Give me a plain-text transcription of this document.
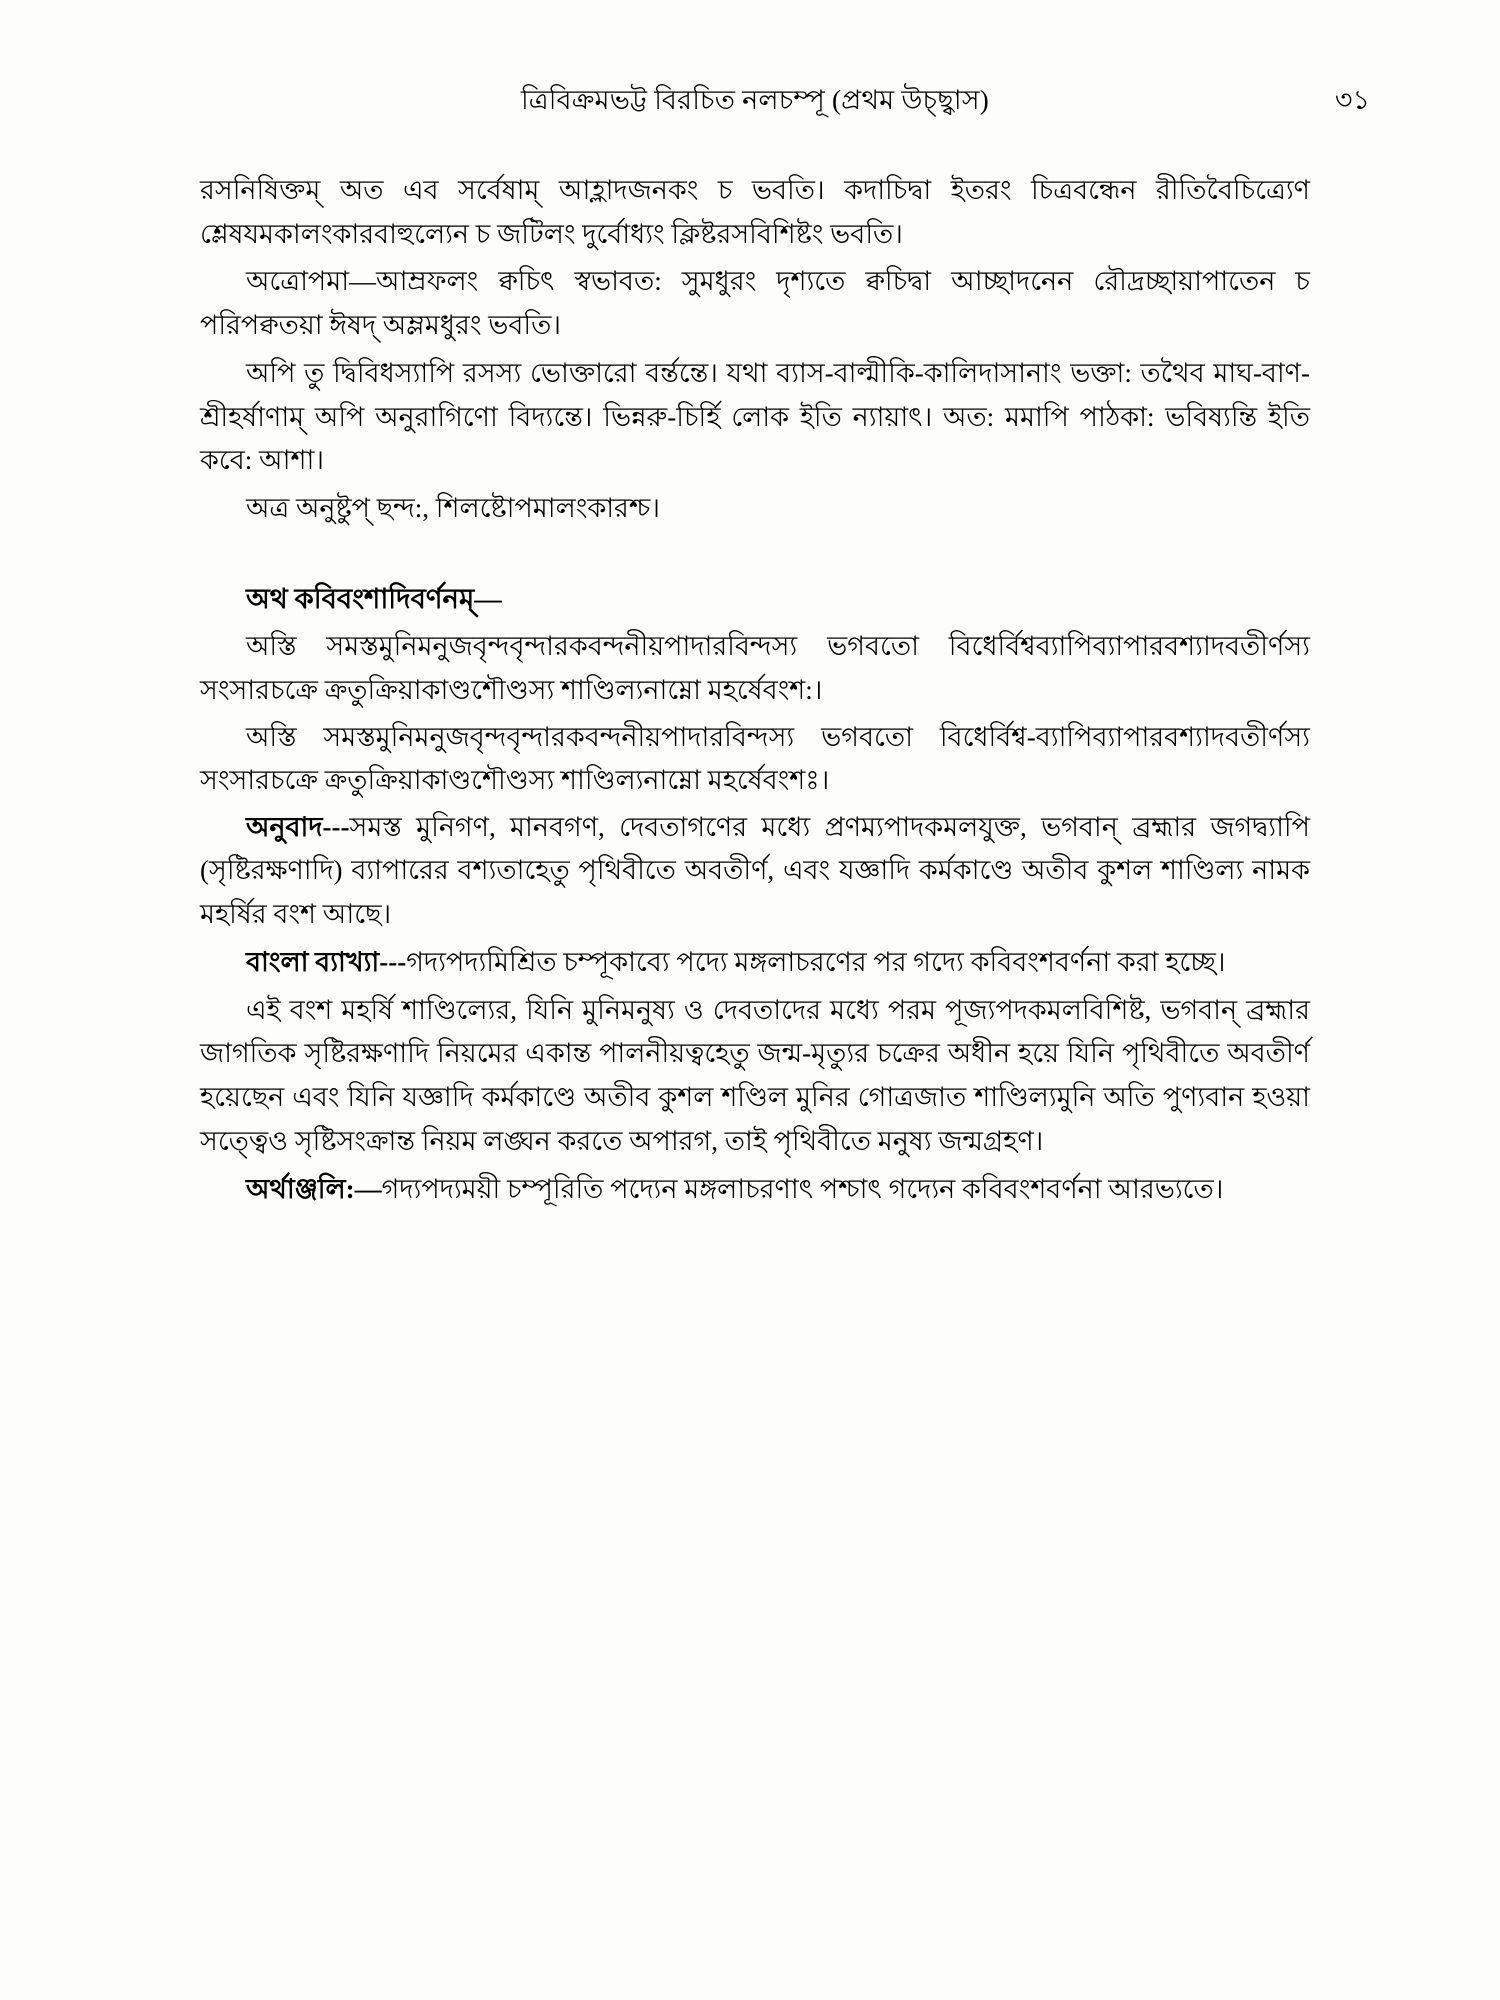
ত্রিবিক্রমভট্ট বিরচিত নলচম্পূ (প্রথম উচ্ছ্বাস)	৩১

রসনিষিক্তম্ অত এব সর্বেষাম্ আহ্লাদজনকং চ ভবতি। কদাচিদ্বা ইতরং চিত্রবন্ধেন রীতিবৈচিত্র্যেণ শ্লেষযমকালংকারবাহুল্যেন চ জটিলং দুর্বোধ্যং ক্লিষ্টরসবিশিষ্টং ভবতি।

অত্রোপমা—আম্রফলং ক্বচিৎ স্বভাবত: সুমধুরং দৃশ্যতে ক্বচিদ্বা আচ্ছাদনেন রৌদ্রচ্ছায়াপাতেন চ পরিপক্বতয়া ঈষদ্ অম্লমধুরং ভবতি।

অপি তু দ্বিবিধস্যাপি রসস্য ভোক্তারো বর্ন্তন্তে। যথা ব্যাস-বাল্মীকি-কালিদাসানাং ভক্তা: তথৈব মাঘ-বাণ-শ্রীহর্ষাণাম্ অপি অনুরাগিণো বিদ্যন্তে। ভিন্নরু-চির্হি লোক ইতি ন্যায়াৎ। অত: মমাপি পাঠকা: ভবিষ্যন্তি ইতি কবে: আশা।

অত্র অনুষ্টুপ্ ছন্দ:, শিলষ্টোপমালংকারশ্চ।

অথ কবিবংশাদিবর্ণনম্—

অস্তি সমস্তমুনিমনুজবৃন্দবৃন্দারকবন্দনীয়পাদারবিন্দস্য ভগবতো বিধের্বিশ্বব্যাপিব্যাপারবশ্যাদবতীর্ণস্য সংসারচক্রে ক্রতুক্রিয়াকাণ্ডশৌণ্ডস্য শাণ্ডিল্যনাম্নো মহর্ষেবংশ:।

অস্তি সমস্তমুনিমনুজবৃন্দবৃন্দারকবন্দনীয়পাদারবিন্দস্য ভগবতো বিধের্বিশ্ব-ব্যাপিব্যাপারবশ্যাদবতীর্ণস্য সংসারচক্রে ক্রতুক্রিয়াকাণ্ডশৌণ্ডস্য শাণ্ডিল্যনাম্নো মহর্ষেবংশঃ।

অনুবাদ---সমস্ত মুনিগণ, মানবগণ, দেবতাগণের মধ্যে প্রণম্যপাদকমলযুক্ত, ভগবান্ ব্রহ্মার জগদ্ব্যাপি (সৃষ্টিরক্ষণাদি) ব্যাপারের বশ্যতাহেতু পৃথিবীতে অবতীর্ণ, এবং যজ্ঞাদি কর্মকাণ্ডে অতীব কুশল শাণ্ডিল্য নামক মহর্ষির বংশ আছে।

বাংলা ব্যাখ্যা---গদ্যপদ্যমিশ্রিত চম্পূকাব্যে পদ্যে মঙ্গলাচরণের পর গদ্যে কবিবংশবর্ণনা করা হচ্ছে।

এই বংশ মহর্ষি শাণ্ডিল্যের, যিনি মুনিমনুষ্য ও দেবতাদের মধ্যে পরম পূজ্যপদকমলবিশিষ্ট, ভগবান্ ব্রহ্মার জাগতিক সৃষ্টিরক্ষণাদি নিয়মের একান্ত পালনীয়ত্বহেতু জন্ম-মৃত্যুর চক্রের অধীন হয়ে যিনি পৃথিবীতে অবতীর্ণ হয়েছেন এবং যিনি যজ্ঞাদি কর্মকাণ্ডে অতীব কুশল শণ্ডিল মুনির গোত্রজাত শাণ্ডিল্যমুনি অতি পুণ্যবান হওয়া সত্ত্বেও সৃষ্টিসংক্রান্ত নিয়ম লঙ্ঘন করতে অপারগ, তাই পৃথিবীতে মনুষ্য জন্মগ্রহণ।

অর্থাঞ্জলি:—গদ্যপদ্যময়ী চম্পূরিতি পদ্যেন মঙ্গলাচরণাৎ পশ্চাৎ গদ্যেন কবিবংশবর্ণনা আরভ্যতে।
